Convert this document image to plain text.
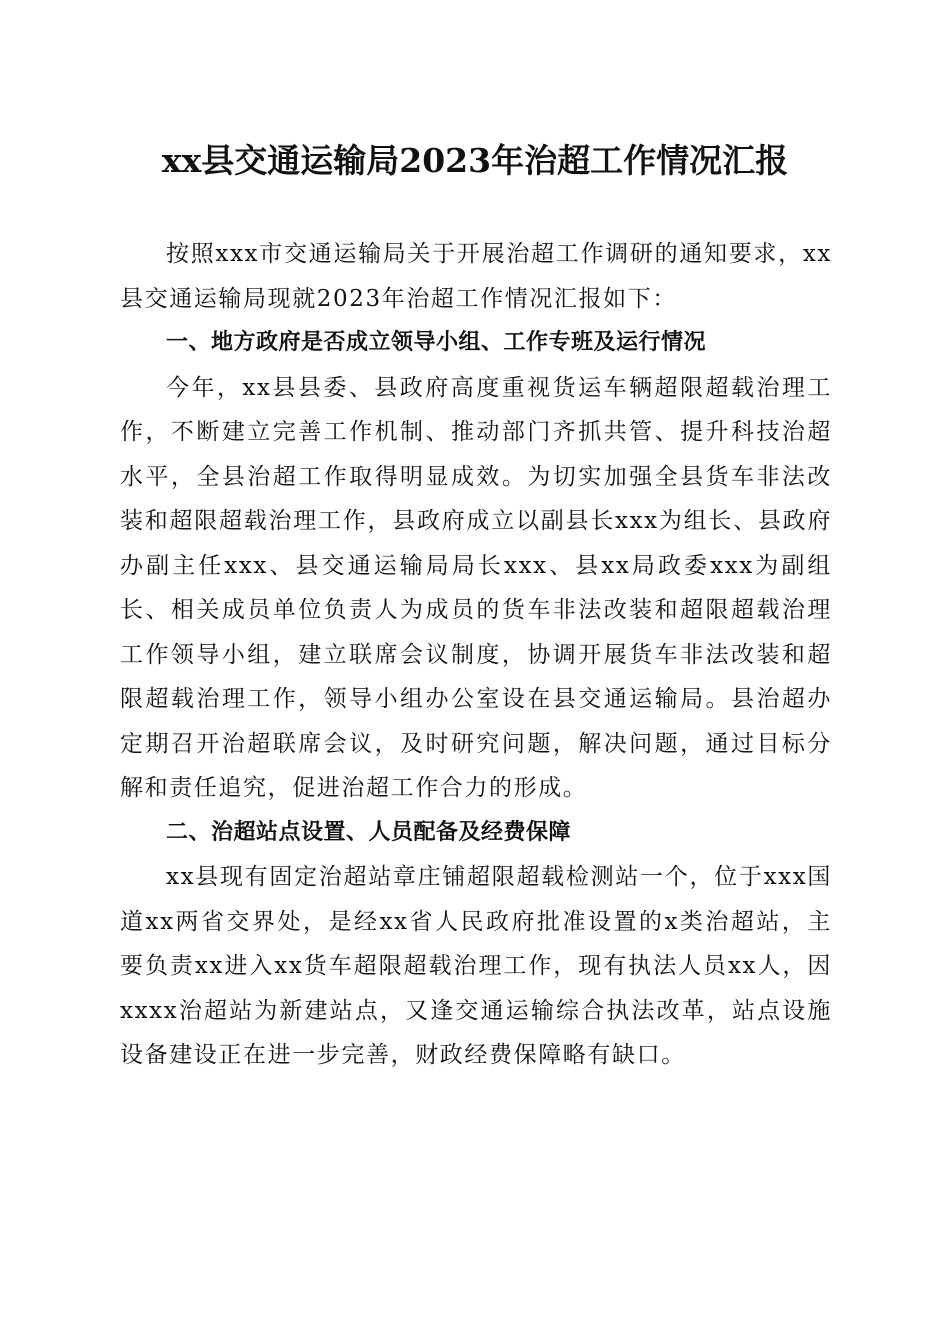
xx县交通运输局2023年治超工作情况汇报

按照xxx市交通运输局关于开展治超工作调研的通知要求，xx县交通运输局现就2023年治超工作情况汇报如下：

一、地方政府是否成立领导小组、工作专班及运行情况

今年，xx县县委、县政府高度重视货运车辆超限超载治理工作，不断建立完善工作机制、推动部门齐抓共管、提升科技治超水平，全县治超工作取得明显成效。为切实加强全县货车非法改装和超限超载治理工作，县政府成立以副县长xxx为组长、县政府办副主任xxx、县交通运输局局长xxx、县xx局政委xxx为副组长、相关成员单位负责人为成员的货车非法改装和超限超载治理工作领导小组，建立联席会议制度，协调开展货车非法改装和超限超载治理工作，领导小组办公室设在县交通运输局。县治超办定期召开治超联席会议，及时研究问题，解决问题，通过目标分解和责任追究，促进治超工作合力的形成。

二、治超站点设置、人员配备及经费保障

xx县现有固定治超站章庄铺超限超载检测站一个，位于xxx国道xx两省交界处，是经xx省人民政府批准设置的x类治超站，主要负责xx进入xx货车超限超载治理工作，现有执法人员xx人，因xxxx治超站为新建站点，又逢交通运输综合执法改革，站点设施设备建设正在进一步完善，财政经费保障略有缺口。
